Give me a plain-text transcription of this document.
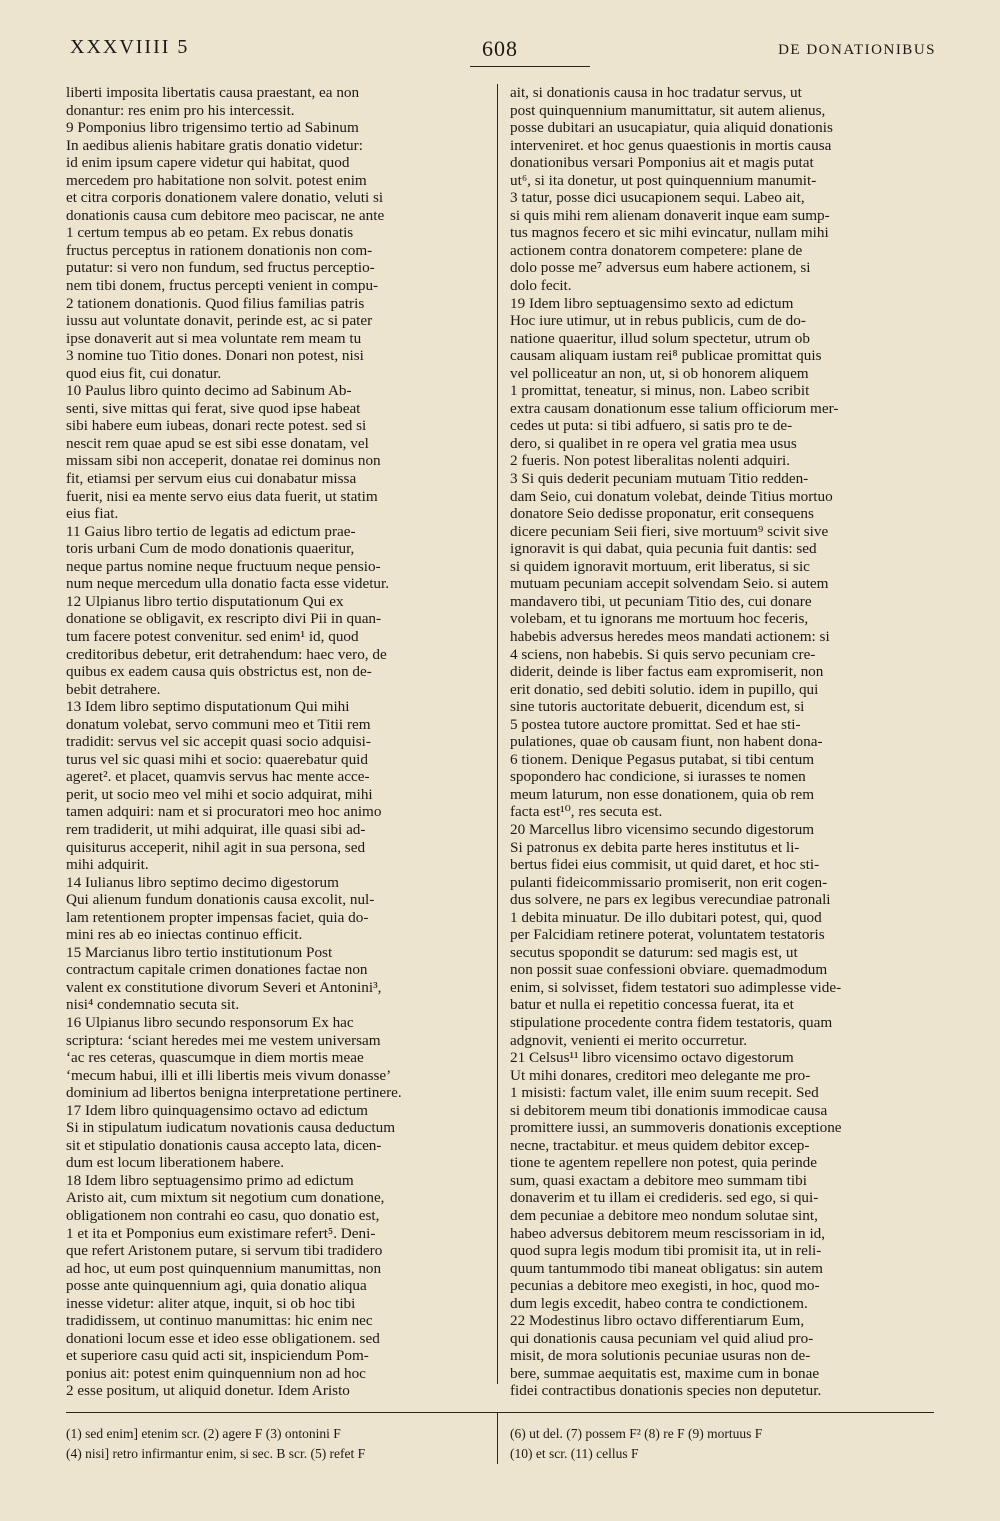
XXXVIIII 5	608	DE DONATIONIBUS
liberti imposita libertatis causa praestant, ea non
donantur: res enim pro his intercessit.
9 Pomponius libro trigensimo tertio ad Sabinum
In aedibus alienis habitare gratis donatio videtur:
id enim ipsum capere videtur qui habitat, quod
mercedem pro habitatione non solvit. potest enim
et citra corporis donationem valere donatio, veluti si
donationis causa cum debitore meo paciscar, ne ante
1 certum tempus ab eo petam. Ex rebus donatis
fructus perceptus in rationem donationis non com-
putatur: si vero non fundum, sed fructus perceptio-
nem tibi donem, fructus percepti venient in compu-
2 tationem donationis. Quod filius familias patris
iussu aut voluntate donavit, perinde est, ac si pater
ipse donaverit aut si mea voluntate rem meam tu
3 nomine tuo Titio dones. Donari non potest, nisi
quod eius fit, cui donatur.
10 Paulus libro quinto decimo ad Sabinum Ab-
senti, sive mittas qui ferat, sive quod ipse habeat
sibi habere eum iubeas, donari recte potest. sed si
nescit rem quae apud se est sibi esse donatam, vel
missam sibi non acceperit, donatae rei dominus non
fit, etiamsi per servum eius cui donabatur missa
fuerit, nisi ea mente servo eius data fuerit, ut statim
eius fiat.
11 Gaius libro tertio de legatis ad edictum prae-
toris urbani Cum de modo donationis quaeritur,
neque partus nomine neque fructuum neque pensio-
num neque mercedum ulla donatio facta esse videtur.
12 Ulpianus libro tertio disputationum Qui ex
donatione se obligavit, ex rescripto divi Pii in quan-
tum facere potest convenitur. sed enim¹ id, quod
creditoribus debetur, erit detrahendum: haec vero, de
quibus ex eadem causa quis obstrictus est, non de-
bebit detrahere.
13 Idem libro septimo disputationum Qui mihi
donatum volebat, servo communi meo et Titii rem
tradidit: servus vel sic accepit quasi socio adquisi-
turus vel sic quasi mihi et socio: quaerebatur quid
ageret². et placet, quamvis servus hac mente acce-
perit, ut socio meo vel mihi et socio adquirat, mihi
tamen adquiri: nam et si procuratori meo hoc animo
rem tradiderit, ut mihi adquirat, ille quasi sibi ad-
quisiturus acceperit, nihil agit in sua persona, sed
mihi adquirit.
14 Iulianus libro septimo decimo digestorum
Qui alienum fundum donationis causa excolit, nul-
lam retentionem propter impensas faciet, quia do-
mini res ab eo iniectas continuo efficit.
15 Marcianus libro tertio institutionum Post
contractum capitale crimen donationes factae non
valent ex constitutione divorum Severi et Antonini³,
nisi⁴ condemnatio secuta sit.
16 Ulpianus libro secundo responsorum Ex hac
scriptura: ‘sciant heredes mei me vestem universam
‘ac res ceteras, quascumque in diem mortis meae
‘mecum habui, illi et illi libertis meis vivum donasse’
dominium ad libertos benigna interpretatione pertinere.
17 Idem libro quinquagensimo octavo ad edictum
Si in stipulatum iudicatum novationis causa deductum
sit et stipulatio donationis causa accepto lata, dicen-
dum est locum liberationem habere.
18 Idem libro septuagensimo primo ad edictum
Aristo ait, cum mixtum sit negotium cum donatione,
obligationem non contrahi eo casu, quo donatio est,
1 et ita et Pomponius eum existimare refert⁵. Deni-
que refert Aristonem putare, si servum tibi tradidero
ad hoc, ut eum post quinquennium manumittas, non
posse ante quinquennium agi, quia donatio aliqua
inesse videtur: aliter atque, inquit, si ob hoc tibi
tradidissem, ut continuo manumittas: hic enim nec
donationi locum esse et ideo esse obligationem. sed
et superiore casu quid acti sit, inspiciendum Pom-
ponius ait: potest enim quinquennium non ad hoc
2 esse positum, ut aliquid donetur. Idem Aristo
ait, si donationis causa in hoc tradatur servus, ut
post quinquennium manumittatur, sit autem alienus,
posse dubitari an usucapiatur, quia aliquid donationis
interveniret. et hoc genus quaestionis in mortis causa
donationibus versari Pomponius ait et magis putat
ut⁶, si ita donetur, ut post quinquennium manumit-
3 tatur, posse dici usucapionem sequi. Labeo ait,
si quis mihi rem alienam donaverit inque eam sump-
tus magnos fecero et sic mihi evincatur, nullam mihi
actionem contra donatorem competere: plane de
dolo posse me⁷ adversus eum habere actionem, si
dolo fecit.
19 Idem libro septuagensimo sexto ad edictum
Hoc iure utimur, ut in rebus publicis, cum de do-
natione quaeritur, illud solum spectetur, utrum ob
causam aliquam iustam rei⁸ publicae promittat quis
vel polliceatur an non, ut, si ob honorem aliquem
1 promittat, teneatur, si minus, non. Labeo scribit
extra causam donationum esse talium officiorum mer-
cedes ut puta: si tibi adfuero, si satis pro te de-
dero, si qualibet in re opera vel gratia mea usus
2 fueris. Non potest liberalitas nolenti adquiri.
3 Si quis dederit pecuniam mutuam Titio redden-
dam Seio, cui donatum volebat, deinde Titius mortuo
donatore Seio dedisse proponatur, erit consequens
dicere pecuniam Seii fieri, sive mortuum⁹ scivit sive
ignoravit is qui dabat, quia pecunia fuit dantis: sed
si quidem ignoravit mortuum, erit liberatus, si sic
mutuam pecuniam accepit solvendam Seio. si autem
mandavero tibi, ut pecuniam Titio des, cui donare
volebam, et tu ignorans me mortuum hoc feceris,
habebis adversus heredes meos mandati actionem: si
4 sciens, non habebis. Si quis servo pecuniam cre-
diderit, deinde is liber factus eam expromiserit, non
erit donatio, sed debiti solutio. idem in pupillo, qui
sine tutoris auctoritate debuerit, dicendum est, si
5 postea tutore auctore promittat. Sed et hae sti-
pulationes, quae ob causam fiunt, non habent dona-
6 tionem. Denique Pegasus putabat, si tibi centum
spopondero hac condicione, si iurasses te nomen
meum laturum, non esse donationem, quia ob rem
facta est¹⁰, res secuta est.
20 Marcellus libro vicensimo secundo digestorum
Si patronus ex debita parte heres institutus et li-
bertus fidei eius commisit, ut quid daret, et hoc sti-
pulanti fideicommissario promiserit, non erit cogen-
dus solvere, ne pars ex legibus verecundiae patronali
1 debita minuatur. De illo dubitari potest, qui, quod
per Falcidiam retinere poterat, voluntatem testatoris
secutus spopondit se daturum: sed magis est, ut
non possit suae confessioni obviare. quemadmodum
enim, si solvisset, fidem testatori suo adimplesse vide-
batur et nulla ei repetitio concessa fuerat, ita et
stipulatione procedente contra fidem testatoris, quam
adgnovit, venienti ei merito occurretur.
21 Celsus¹¹ libro vicensimo octavo digestorum
Ut mihi donares, creditori meo delegante me pro-
1 misisti: factum valet, ille enim suum recepit. Sed
si debitorem meum tibi donationis immodicae causa
promittere iussi, an summoveris donationis exceptione
necne, tractabitur. et meus quidem debitor excep-
tione te agentem repellere non potest, quia perinde
sum, quasi exactam a debitore meo summam tibi
donaverim et tu illam ei credideris. sed ego, si qui-
dem pecuniae a debitore meo nondum solutae sint,
habeo adversus debitorem meum rescissoriam in id,
quod supra legis modum tibi promisit ita, ut in reli-
quum tantummodo tibi maneat obligatus: sin autem
pecunias a debitore meo exegisti, in hoc, quod mo-
dum legis excedit, habeo contra te condictionem.
22 Modestinus libro octavo differentiarum Eum,
qui donationis causa pecuniam vel quid aliud pro-
misit, de mora solutionis pecuniae usuras non de-
bere, summae aequitatis est, maxime cum in bonae
fidei contractibus donationis species non deputetur.
(1) sed enim] etenim scr. (2) agere F (3) ontonini F
(4) nisi] retro infirmantur enim, si sec. B scr. (5) refet F
(6) ut del. (7) possem F² (8) re F (9) mortuus F
(10) et scr. (11) cellus F
